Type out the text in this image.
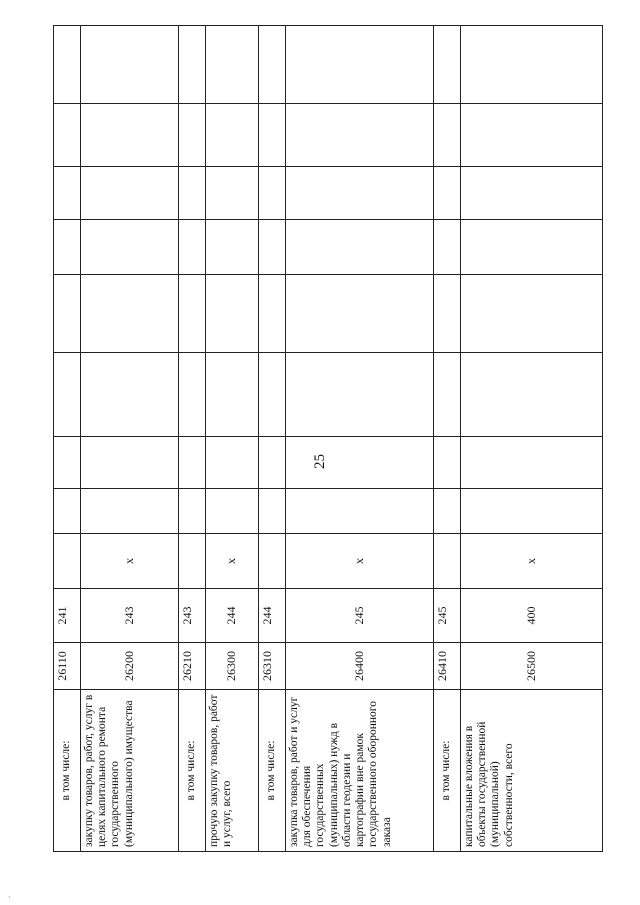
25
в том числе:	26110	241									
закупку товаров, работ, услуг в целях капитального ремонта государственного (муниципального) имущества	26200	243	х								
в том числе:	26210	243									
прочую закупку товаров, работ и услуг, всего	26300	244	х								
в том числе:	26310	244									
закупка товаров, работ и услуг для обеспечения государственных (муниципальных) нужд в области геодезии и картографии вне рамок государственного оборонного заказа	26400	245	х								
в том числе:	26410	245									
капитальные вложения в объекты государственной (муниципальной) собственности, всего	26500	400	х								
·
